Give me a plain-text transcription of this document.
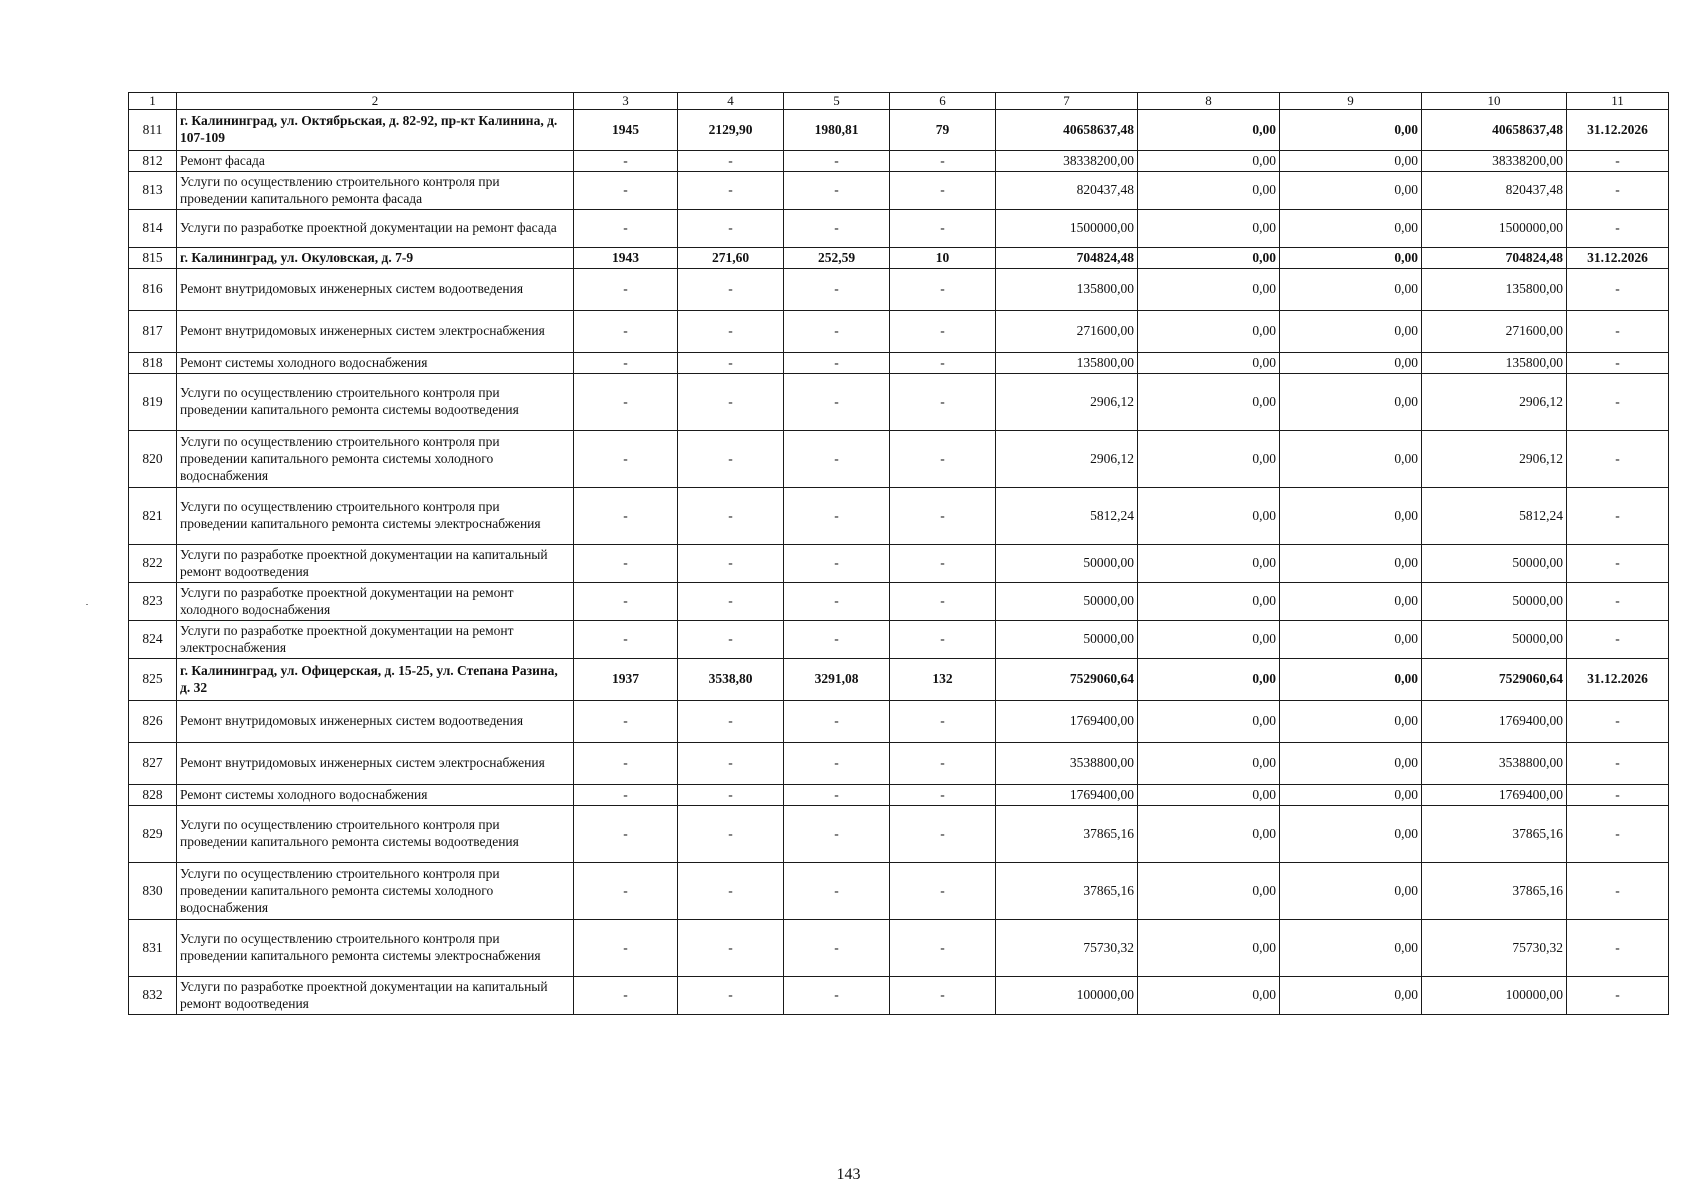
1	2	3	4	5	6	7	8	9	10	11
811	г. Калининград, ул. Октябрьская, д. 82-92, пр-кт Калинина, д. 107-109	1945	2129,90	1980,81	79	40658637,48	0,00	0,00	40658637,48	31.12.2026
812	Ремонт фасада	-	-	-	-	38338200,00	0,00	0,00	38338200,00	-
813	Услуги по осуществлению строительного контроля при проведении капитального ремонта фасада	-	-	-	-	820437,48	0,00	0,00	820437,48	-
814	Услуги по разработке проектной документации на ремонт фасада	-	-	-	-	1500000,00	0,00	0,00	1500000,00	-
815	г. Калининград, ул. Окуловская, д. 7-9	1943	271,60	252,59	10	704824,48	0,00	0,00	704824,48	31.12.2026
816	Ремонт внутридомовых инженерных систем водоотведения	-	-	-	-	135800,00	0,00	0,00	135800,00	-
817	Ремонт внутридомовых инженерных систем электроснабжения	-	-	-	-	271600,00	0,00	0,00	271600,00	-
818	Ремонт системы холодного водоснабжения	-	-	-	-	135800,00	0,00	0,00	135800,00	-
819	Услуги по осуществлению строительного контроля при проведении капитального ремонта системы водоотведения	-	-	-	-	2906,12	0,00	0,00	2906,12	-
820	Услуги по осуществлению строительного контроля при проведении капитального ремонта системы холодного водоснабжения	-	-	-	-	2906,12	0,00	0,00	2906,12	-
821	Услуги по осуществлению строительного контроля при проведении капитального ремонта системы электроснабжения	-	-	-	-	5812,24	0,00	0,00	5812,24	-
822	Услуги по разработке проектной документации на капитальный ремонт водоотведения	-	-	-	-	50000,00	0,00	0,00	50000,00	-
823	Услуги по разработке проектной документации на ремонт холодного водоснабжения	-	-	-	-	50000,00	0,00	0,00	50000,00	-
824	Услуги по разработке проектной документации на ремонт электроснабжения	-	-	-	-	50000,00	0,00	0,00	50000,00	-
825	г. Калининград, ул. Офицерская, д. 15-25, ул. Степана Разина, д. 32	1937	3538,80	3291,08	132	7529060,64	0,00	0,00	7529060,64	31.12.2026
826	Ремонт внутридомовых инженерных систем водоотведения	-	-	-	-	1769400,00	0,00	0,00	1769400,00	-
827	Ремонт внутридомовых инженерных систем электроснабжения	-	-	-	-	3538800,00	0,00	0,00	3538800,00	-
828	Ремонт системы холодного водоснабжения	-	-	-	-	1769400,00	0,00	0,00	1769400,00	-
829	Услуги по осуществлению строительного контроля при проведении капитального ремонта системы водоотведения	-	-	-	-	37865,16	0,00	0,00	37865,16	-
830	Услуги по осуществлению строительного контроля при проведении капитального ремонта системы холодного водоснабжения	-	-	-	-	37865,16	0,00	0,00	37865,16	-
831	Услуги по осуществлению строительного контроля при проведении капитального ремонта системы электроснабжения	-	-	-	-	75730,32	0,00	0,00	75730,32	-
832	Услуги по разработке проектной документации на капитальный ремонт водоотведения	-	-	-	-	100000,00	0,00	0,00	100000,00	-
143
